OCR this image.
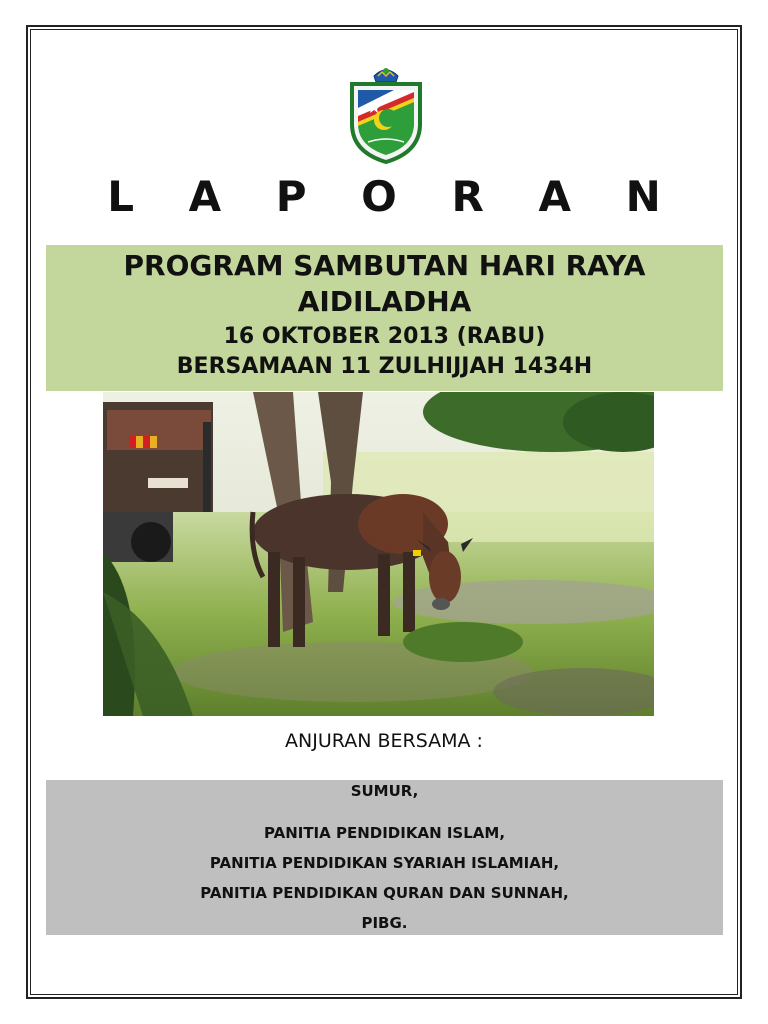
L A P O R A N
PROGRAM SAMBUTAN HARI RAYA
AIDILADHA
16 OKTOBER 2013 (RABU)
BERSAMAAN 11 ZULHIJJAH 1434H
ANJURAN BERSAMA :
SUMUR,
PANITIA PENDIDIKAN ISLAM,
PANITIA PENDIDIKAN SYARIAH ISLAMIAH,
PANITIA PENDIDIKAN QURAN DAN SUNNAH,
PIBG.
